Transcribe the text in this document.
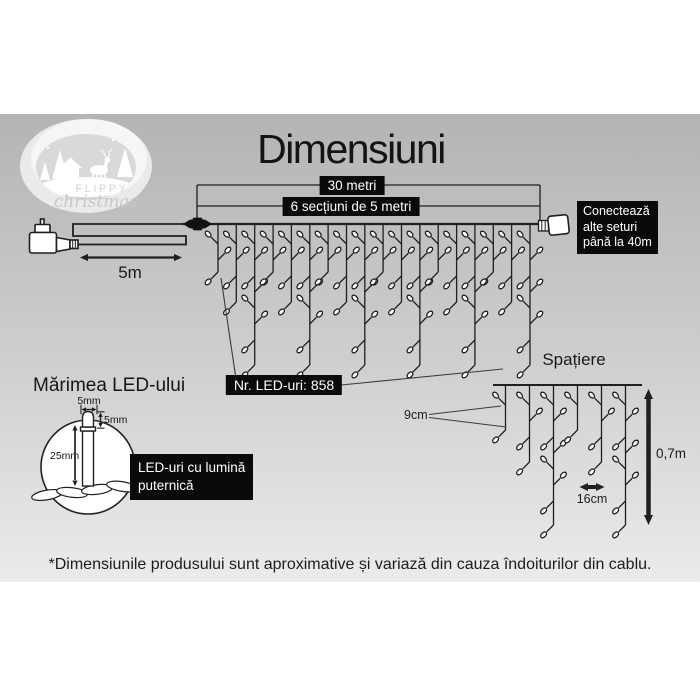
Dimensiuni
FLIPPY.
christmas
30 metri
6 secțiuni de 5 metri	Conectează
alte seturi
până la 40m
Nr. LED-uri: 858
5m
Spațiere
9cm
16cm
0,7m
Mărimea LED-ului
5mm
5mm
25mm
LED-uri cu lumină
puternică
*Dimensiunile produsului sunt aproximative și variază din cauza îndoiturilor din cablu.
